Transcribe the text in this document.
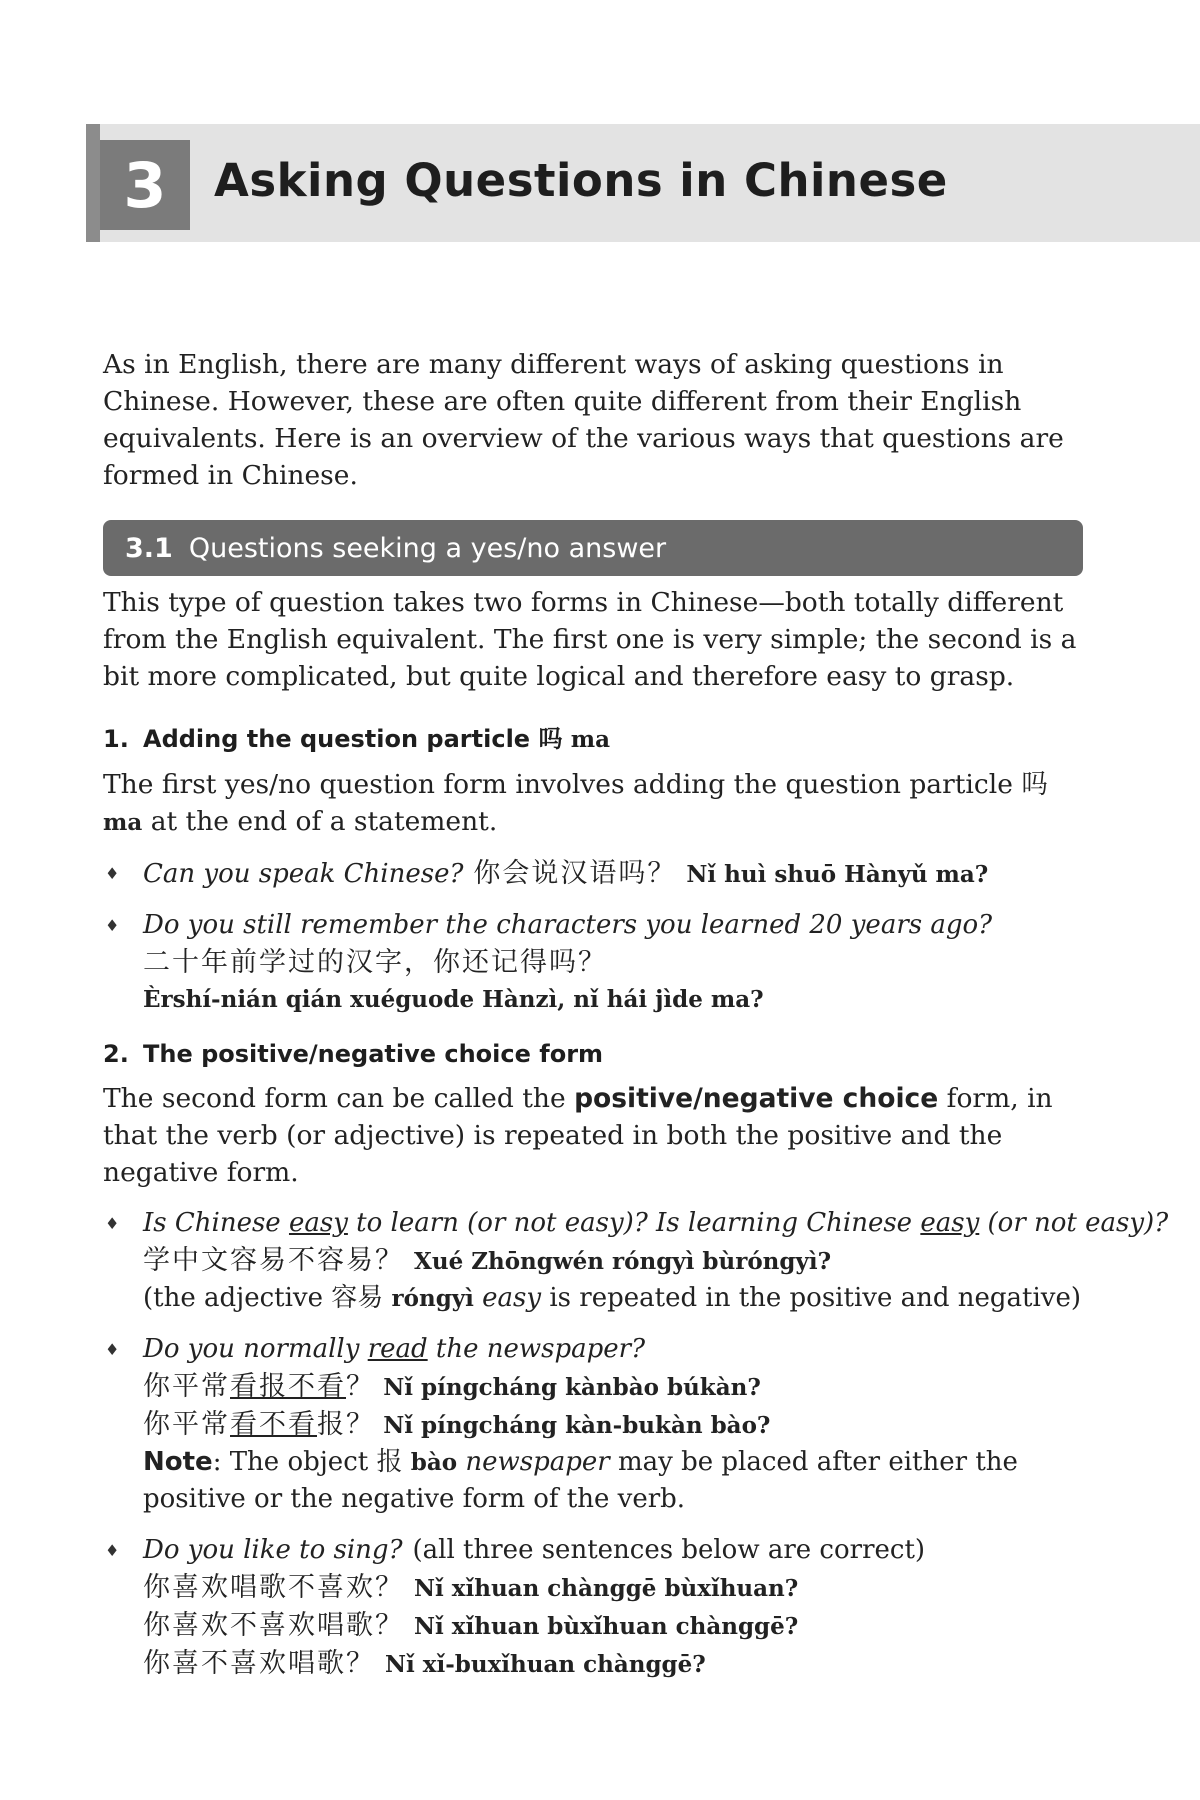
3	Asking Questions in Chinese

As in English, there are many different ways of asking questions in Chinese. However, these are often quite different from their English equivalents. Here is an overview of the various ways that questions are formed in Chinese.

3.1 Questions seeking a yes/no answer

This type of question takes two forms in Chinese—both totally different from the English equivalent. The first one is very simple; the second is a bit more complicated, but quite logical and therefore easy to grasp.

1. Adding the question particle 吗 ma

The first yes/no question form involves adding the question particle 吗 ma at the end of a statement.

♦ Can you speak Chinese? 你会说汉语吗？ Nǐ huì shuō Hànyǔ ma?
♦ Do you still remember the characters you learned 20 years ago?
二十年前学过的汉字，你还记得吗？
Èrshí-nián qián xuéguode Hànzì, nǐ hái jìde ma?
2. The positive/negative choice form

The second form can be called the positive/negative choice form, in that the verb (or adjective) is repeated in both the positive and the negative form.

♦ Is Chinese easy to learn (or not easy)? Is learning Chinese easy (or not easy)?
学中文容易不容易？ Xué Zhōngwén róngyì bùróngyì?
(the adjective 容易 róngyì easy is repeated in the positive and negative)
♦ Do you normally read the newspaper?
你平常看报不看？ Nǐ píngcháng kànbào búkàn?
你平常看不看报？ Nǐ píngcháng kàn-bukàn bào?
Note: The object 报 bào newspaper may be placed after either the positive or the negative form of the verb.
♦ Do you like to sing? (all three sentences below are correct)
你喜欢唱歌不喜欢？ Nǐ xǐhuan chànggē bùxǐhuan?
你喜欢不喜欢唱歌？ Nǐ xǐhuan bùxǐhuan chànggē?
你喜不喜欢唱歌？ Nǐ xǐ-buxǐhuan chànggē?
